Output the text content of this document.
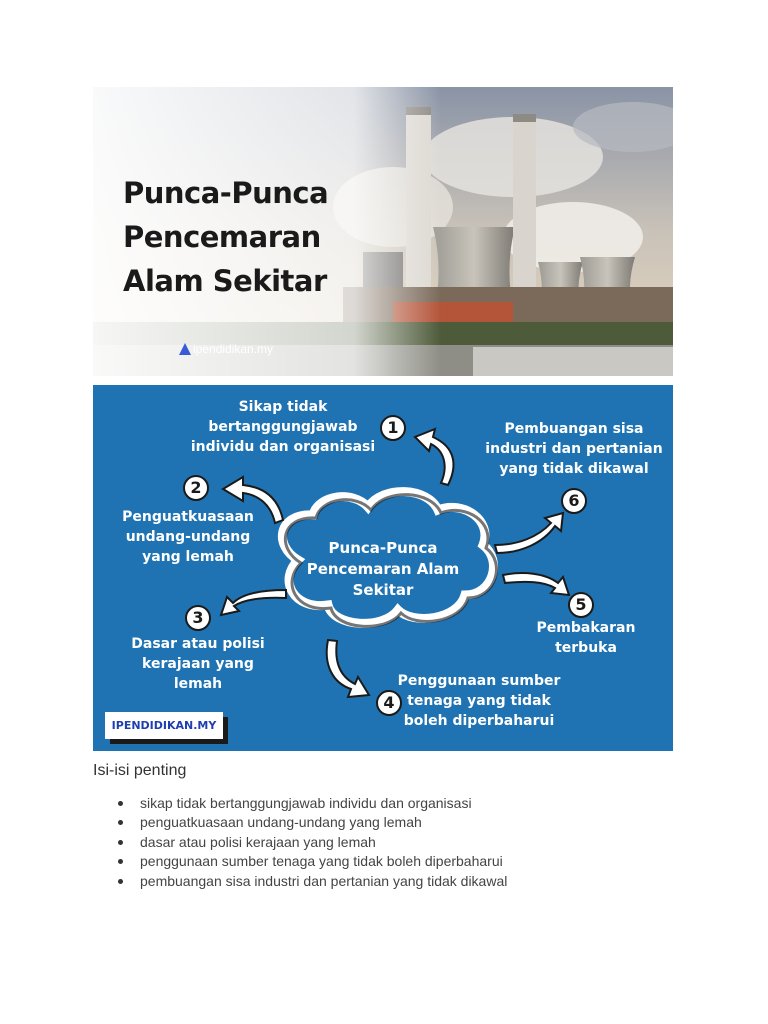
Punca-Punca
Pencemaran
Alam Sekitar
ipendidikan.my
Punca-Punca
Pencemaran Alam
Sekitar
1
Sikap tidak
bertanggungjawab
individu dan organisasi
2
Penguatkuasaan
undang-undang
yang lemah
3
Dasar atau polisi
kerajaan yang
lemah
4
Penggunaan sumber
tenaga yang tidak
boleh diperbaharui
5
Pembakaran
terbuka
6
Pembuangan sisa
industri dan pertanian
yang tidak dikawal
IPENDIDIKAN.MY
Isi-isi penting
sikap tidak bertanggungjawab individu dan organisasi
penguatkuasaan undang-undang yang lemah
dasar atau polisi kerajaan yang lemah
penggunaan sumber tenaga yang tidak boleh diperbaharui
pembuangan sisa industri dan pertanian yang tidak dikawal
